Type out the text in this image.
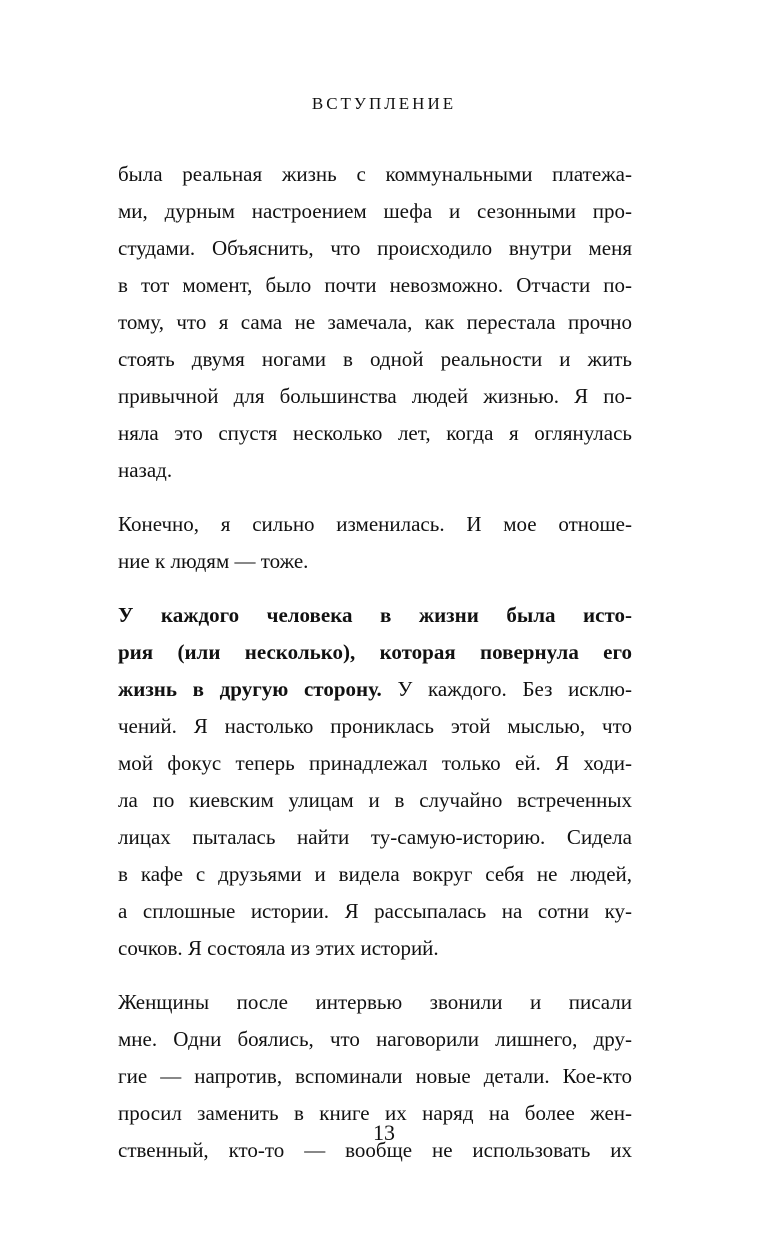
ВСТУПЛЕНИЕ
была реальная жизнь с коммунальными платежа-
ми, дурным настроением шефа и сезонными про-
студами. Объяснить, что происходило внутри меня
в тот момент, было почти невозможно. Отчасти по-
тому, что я сама не замечала, как перестала прочно
стоять двумя ногами в одной реальности и жить
привычной для большинства людей жизнью. Я по-
няла это спустя несколько лет, когда я оглянулась
назад.
Конечно, я сильно изменилась. И мое отноше-
ние к людям — тоже.
У каждого человека в жизни была исто-
рия (или несколько), которая повернула его
жизнь в другую сторону. У каждого. Без исклю-
чений. Я настолько прониклась этой мыслью, что
мой фокус теперь принадлежал только ей. Я ходи-
ла по киевским улицам и в случайно встреченных
лицах пыталась найти ту-самую-историю. Сидела
в кафе с друзьями и видела вокруг себя не людей,
а сплошные истории. Я рассыпалась на сотни ку-
сочков. Я состояла из этих историй.
Женщины после интервью звонили и писали
мне. Одни боялись, что наговорили лишнего, дру-
гие — напротив, вспоминали новые детали. Кое-кто
просил заменить в книге их наряд на более жен-
ственный, кто-то — вообще не использовать их
13
